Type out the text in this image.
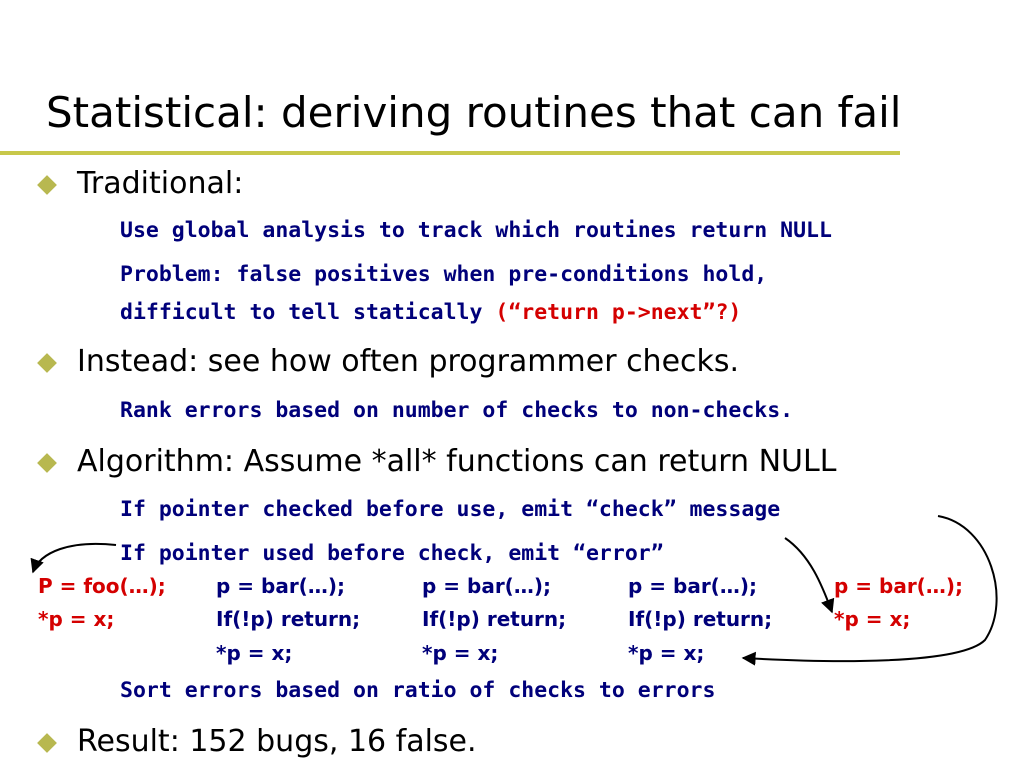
Statistical: deriving routines that can fail
Traditional:
Use global analysis to track which routines return NULL
Problem: false positives when pre-conditions hold,
difficult to tell statically (“return p->next”?)
Instead: see how often programmer checks.
Rank errors based on number of checks to non-checks.
Algorithm: Assume *all* functions can return NULL
If pointer checked before use, emit “check” message
If pointer used before check, emit “error”
P = foo(…);
*p = x;
p = bar(…);
If(!p) return;
*p = x;
p = bar(…);
If(!p) return;
*p = x;
p = bar(…);
If(!p) return;
*p = x;
p = bar(…);
*p = x;
Sort errors based on ratio of checks to errors
Result: 152 bugs, 16 false.
